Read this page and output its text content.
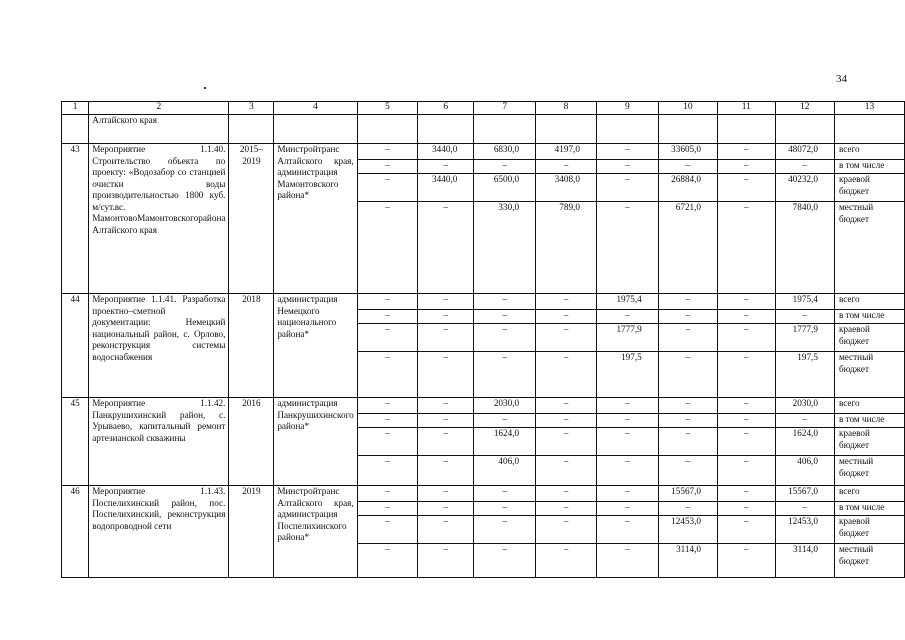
34
1	2	3	4	5	6	7	8	9	10	11	12	13
	Алтайского края											
43	Мероприятие 1.1.40. Строительство объекта по проекту: «Водозабор со станцией очистки воды производительностью 1800 куб. м/сут.вс. МамонтовоМамонтовскогорайона Алтайского края	2015–2019	Минстройтранс Алтайского края, администрация Мамонтовского района*	–	3440,0	6830,0	4197,0	–	33605,0	–	48072,0	всего
				–	–	–	–	–	–	–	–	в том числе
				–	3440,0	6500,0	3408,0	–	26884,0	–	40232,0	краевой бюджет
				–	–	330,0	789,0	–	6721,0	–	7840,0	местный бюджет
44	Мероприятие 1.1.41. Разработка проектно–сметной документации: Немецкий национальный район, с. Орлово, реконструкция системы водоснабжения	2018	администрация Немецкого национального района*	–	–	–	–	1975,4	–	–	1975,4	всего
				–	–	–	–	–	–	–	–	в том числе
				–	–	–	–	1777,9	–	–	1777,9	краевой бюджет
				–	–	–	–	197,5	–	–	197,5	местный бюджет
45	Мероприятие 1.1.42. Панкрушихинский район, с. Урываево, капитальный ремонт артезианской скважины	2016	администрация Панкрушихинского района*	–	–	2030,0	–	–	–	–	2030,0	всего
				–	–	–	–	–	–	–	–	в том числе
				–	–	1624,0	–	–	–	–	1624,0	краевой бюджет
				–	–	406,0	–	–	–	–	406,0	местный бюджет
46	Мероприятие 1.1.43. Поспелихинский район, пос. Поспелихинский, реконструкция водопроводной сети	2019	Минстройтранс Алтайского края, администрация Поспелихинского района*	–	–	–	–	–	15567,0	–	15567,0	всего
				–	–	–	–	–	–	–	–	в том числе
				–	–	–	–	–	12453,0	–	12453,0	краевой бюджет
				–	–	–	–	–	3114,0	–	3114,0	местный бюджет
